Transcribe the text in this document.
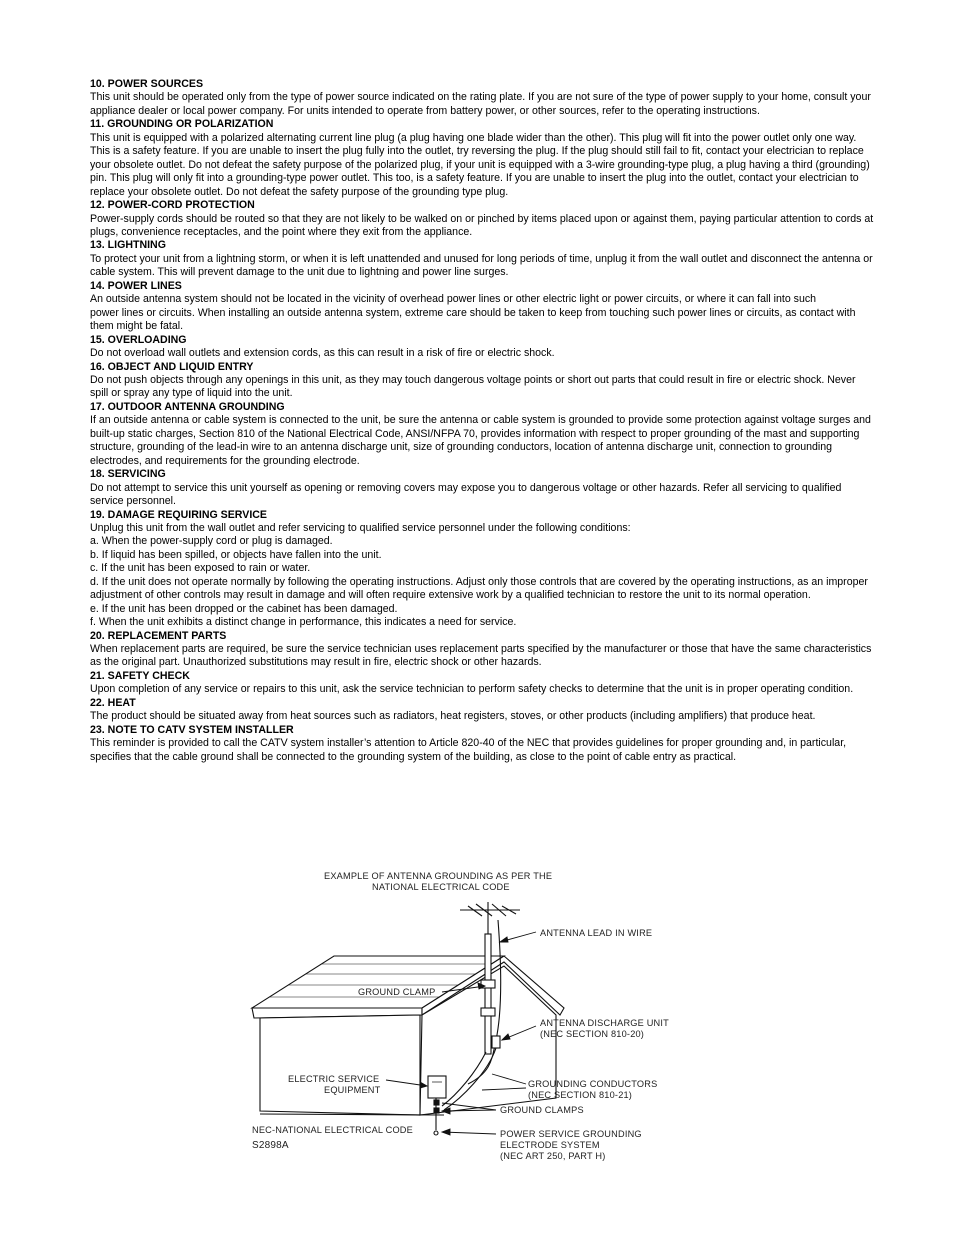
10. POWER SOURCES
This unit should be operated only from the type of power source indicated on the rating plate. If you are not sure of the type of power supply to your home, consult your appliance dealer or local power company. For units intended to operate from battery power, or other sources, refer to the operating instructions.
11. GROUNDING OR POLARIZATION
This unit is equipped with a polarized alternating current line plug (a plug having one blade wider than the other). This plug will fit into the power outlet only one way. This is a safety feature. If you are unable to insert the plug fully into the outlet, try reversing the plug. If the plug should still fail to fit, contact your electrician to replace your obsolete outlet. Do not defeat the safety purpose of the polarized plug, if your unit is equipped with a 3-wire grounding-type plug, a plug having a third (grounding) pin. This plug will only fit into a grounding-type power outlet. This too, is a safety feature. If you are unable to insert the plug into the outlet, contact your electrician to replace your obsolete outlet. Do not defeat the safety purpose of the grounding type plug.
12. POWER-CORD PROTECTION
Power-supply cords should be routed so that they are not likely to be walked on or pinched by items placed upon or against them, paying particular attention to cords at plugs, convenience receptacles, and the point where they exit from the appliance.
13. LIGHTNING
To protect your unit from a lightning storm, or when it is left unattended and unused for long periods of time, unplug it from the wall outlet and disconnect the antenna or cable system. This will prevent damage to the unit due to lightning and power line surges.
14. POWER LINES
An outside antenna system should not be located in the vicinity of overhead power lines or other electric light or power circuits, or where it can fall into such
power lines or circuits. When installing an outside antenna system, extreme care should be taken to keep from touching such power lines or circuits, as contact with them might be fatal.
15. OVERLOADING
Do not overload wall outlets and extension cords, as this can result in a risk of fire or electric shock.
16. OBJECT AND LIQUID ENTRY
Do not push objects through any openings in this unit, as they may touch dangerous voltage points or short out parts that could result in fire or electric shock. Never spill or spray any type of liquid into the unit.
17. OUTDOOR ANTENNA GROUNDING
If an outside antenna or cable system is connected to the unit, be sure the antenna or cable system is grounded to provide some protection against voltage surges and built-up static charges, Section 810 of the National Electrical Code, ANSI/NFPA 70, provides information with respect to proper grounding of the mast and supporting structure, grounding of the lead-in wire to an antenna discharge unit, size of grounding conductors, location of antenna discharge unit, connection to grounding electrodes, and requirements for the grounding electrode.
18. SERVICING
Do not attempt to service this unit yourself as opening or removing covers may expose you to dangerous voltage or other hazards. Refer all servicing to qualified service personnel.
19. DAMAGE REQUIRING SERVICE
Unplug this unit from the wall outlet and refer servicing to qualified service personnel under the following conditions:
a. When the power-supply cord or plug is damaged.
b. If liquid has been spilled, or objects have fallen into the unit.
c. If the unit has been exposed to rain or water.
d. If the unit does not operate normally by following the operating instructions. Adjust only those controls that are covered by the operating instructions, as an improper adjustment of other controls may result in damage and will often require extensive work by a qualified technician to restore the unit to its normal operation.
e. If the unit has been dropped or the cabinet has been damaged.
f. When the unit exhibits a distinct change in performance, this indicates a need for service.
20. REPLACEMENT PARTS
When replacement parts are required, be sure the service technician uses replacement parts specified by the manufacturer or those that have the same characteristics as the original part. Unauthorized substitutions may result in fire, electric shock or other hazards.
21. SAFETY CHECK
Upon completion of any service or repairs to this unit, ask the service technician to perform safety checks to determine that the unit is in proper operating condition.
22. HEAT
The product should be situated away from heat sources such as radiators, heat registers, stoves, or other products (including amplifiers) that produce heat.
23. NOTE TO CATV SYSTEM INSTALLER
This reminder is provided to call the CATV system installer’s attention to Article 820-40 of the NEC that provides guidelines for proper grounding and, in particular, specifies that the cable ground shall be connected to the grounding system of the building, as close to the point of cable entry as practical.
EXAMPLE OF ANTENNA GROUNDING AS PER THE
NATIONAL ELECTRICAL CODE
ANTENNA LEAD IN WIRE
GROUND CLAMP
ANTENNA DISCHARGE UNIT
(NEC SECTION 810-20)
ELECTRIC SERVICE
EQUIPMENT
GROUNDING CONDUCTORS
(NEC SECTION 810-21)
GROUND CLAMPS
NEC-NATIONAL ELECTRICAL CODE	POWER SERVICE GROUNDING
ELECTRODE SYSTEM
(NEC ART 250, PART H)
S2898A
